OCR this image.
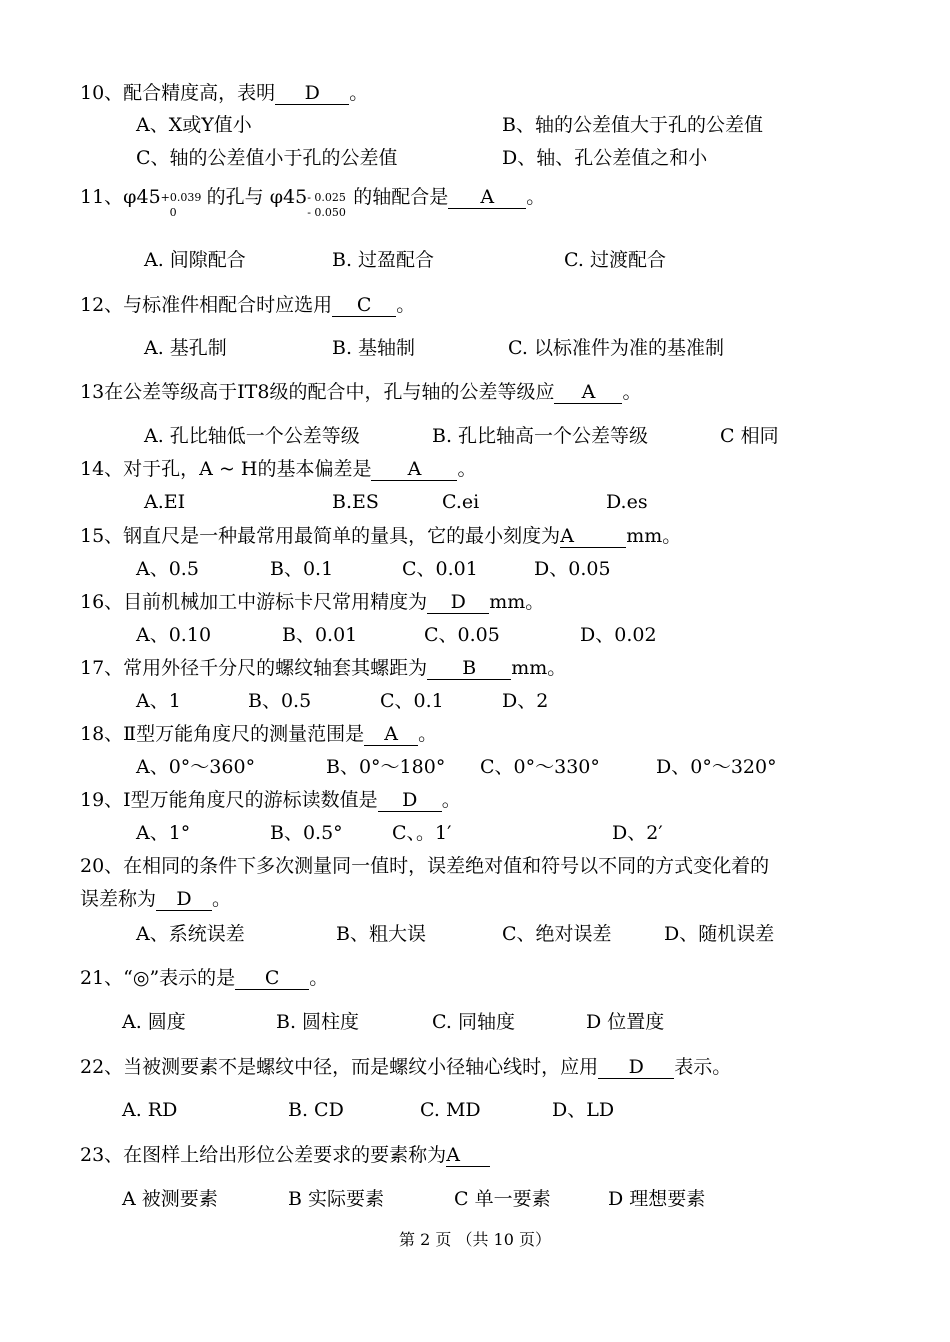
10、配合精度高，表明 D 。
A、X或Y值小	B、轴的公差值大于孔的公差值
C、轴的公差值小于孔的公差值	D、轴、孔公差值之和小
11、φ45 +0.039
0
的孔与 φ45 - 0.025
- 0.050
的轴配合是 A 。
A. 间隙配合	B. 过盈配合	C. 过渡配合
12、与标准件相配合时应选用 C 。
A. 基孔制	B. 基轴制	C. 以标准件为准的基准制
13在公差等级高于IT8级的配合中，孔与轴的公差等级应 A 。
A. 孔比轴低一个公差等级	B. 孔比轴高一个公差等级	C 相同
14、对于孔，A ~ H的基本偏差是 A 。
A.EI	B.ES	C.ei	D.es
15、钢直尺是一种最常用最简单的量具，它的最小刻度为A	mm。
A、0.5	B、0.1	C、0.01	D、0.05
16、目前机械加工中游标卡尺常用精度为 D mm。
A、0.10	B、0.01	C、0.05	D、0.02
17、常用外径千分尺的螺纹轴套其螺距为 B mm。
A、1	B、0.5	C、0.1	D、2
18、Ⅱ型万能角度尺的测量范围是 A 。
A、0°～360°	B、0°～180° C、0°～330°	D、0°～320°
19、Ⅰ型万能角度尺的游标读数值是 D 。
A、1°	B、0.5°	C、。1′	D、2′
20、在相同的条件下多次测量同一值时，误差绝对值和符号以不同的方式变化着的
误差称为 D 。
A、系统误差	B、粗大误	C、绝对误差	D、随机误差
21、“◎”表示的是 C 。
A. 圆度	B. 圆柱度	C. 同轴度	D 位置度
22、当被测要素不是螺纹中径，而是螺纹小径轴心线时，应用 D 表示。
A. RD	B. CD	C. MD	D、LD
23、在图样上给出形位公差要求的要素称为A
A 被测要素	B 实际要素	C 单一要素	D 理想要素
第 2 页 （共 10 页）
